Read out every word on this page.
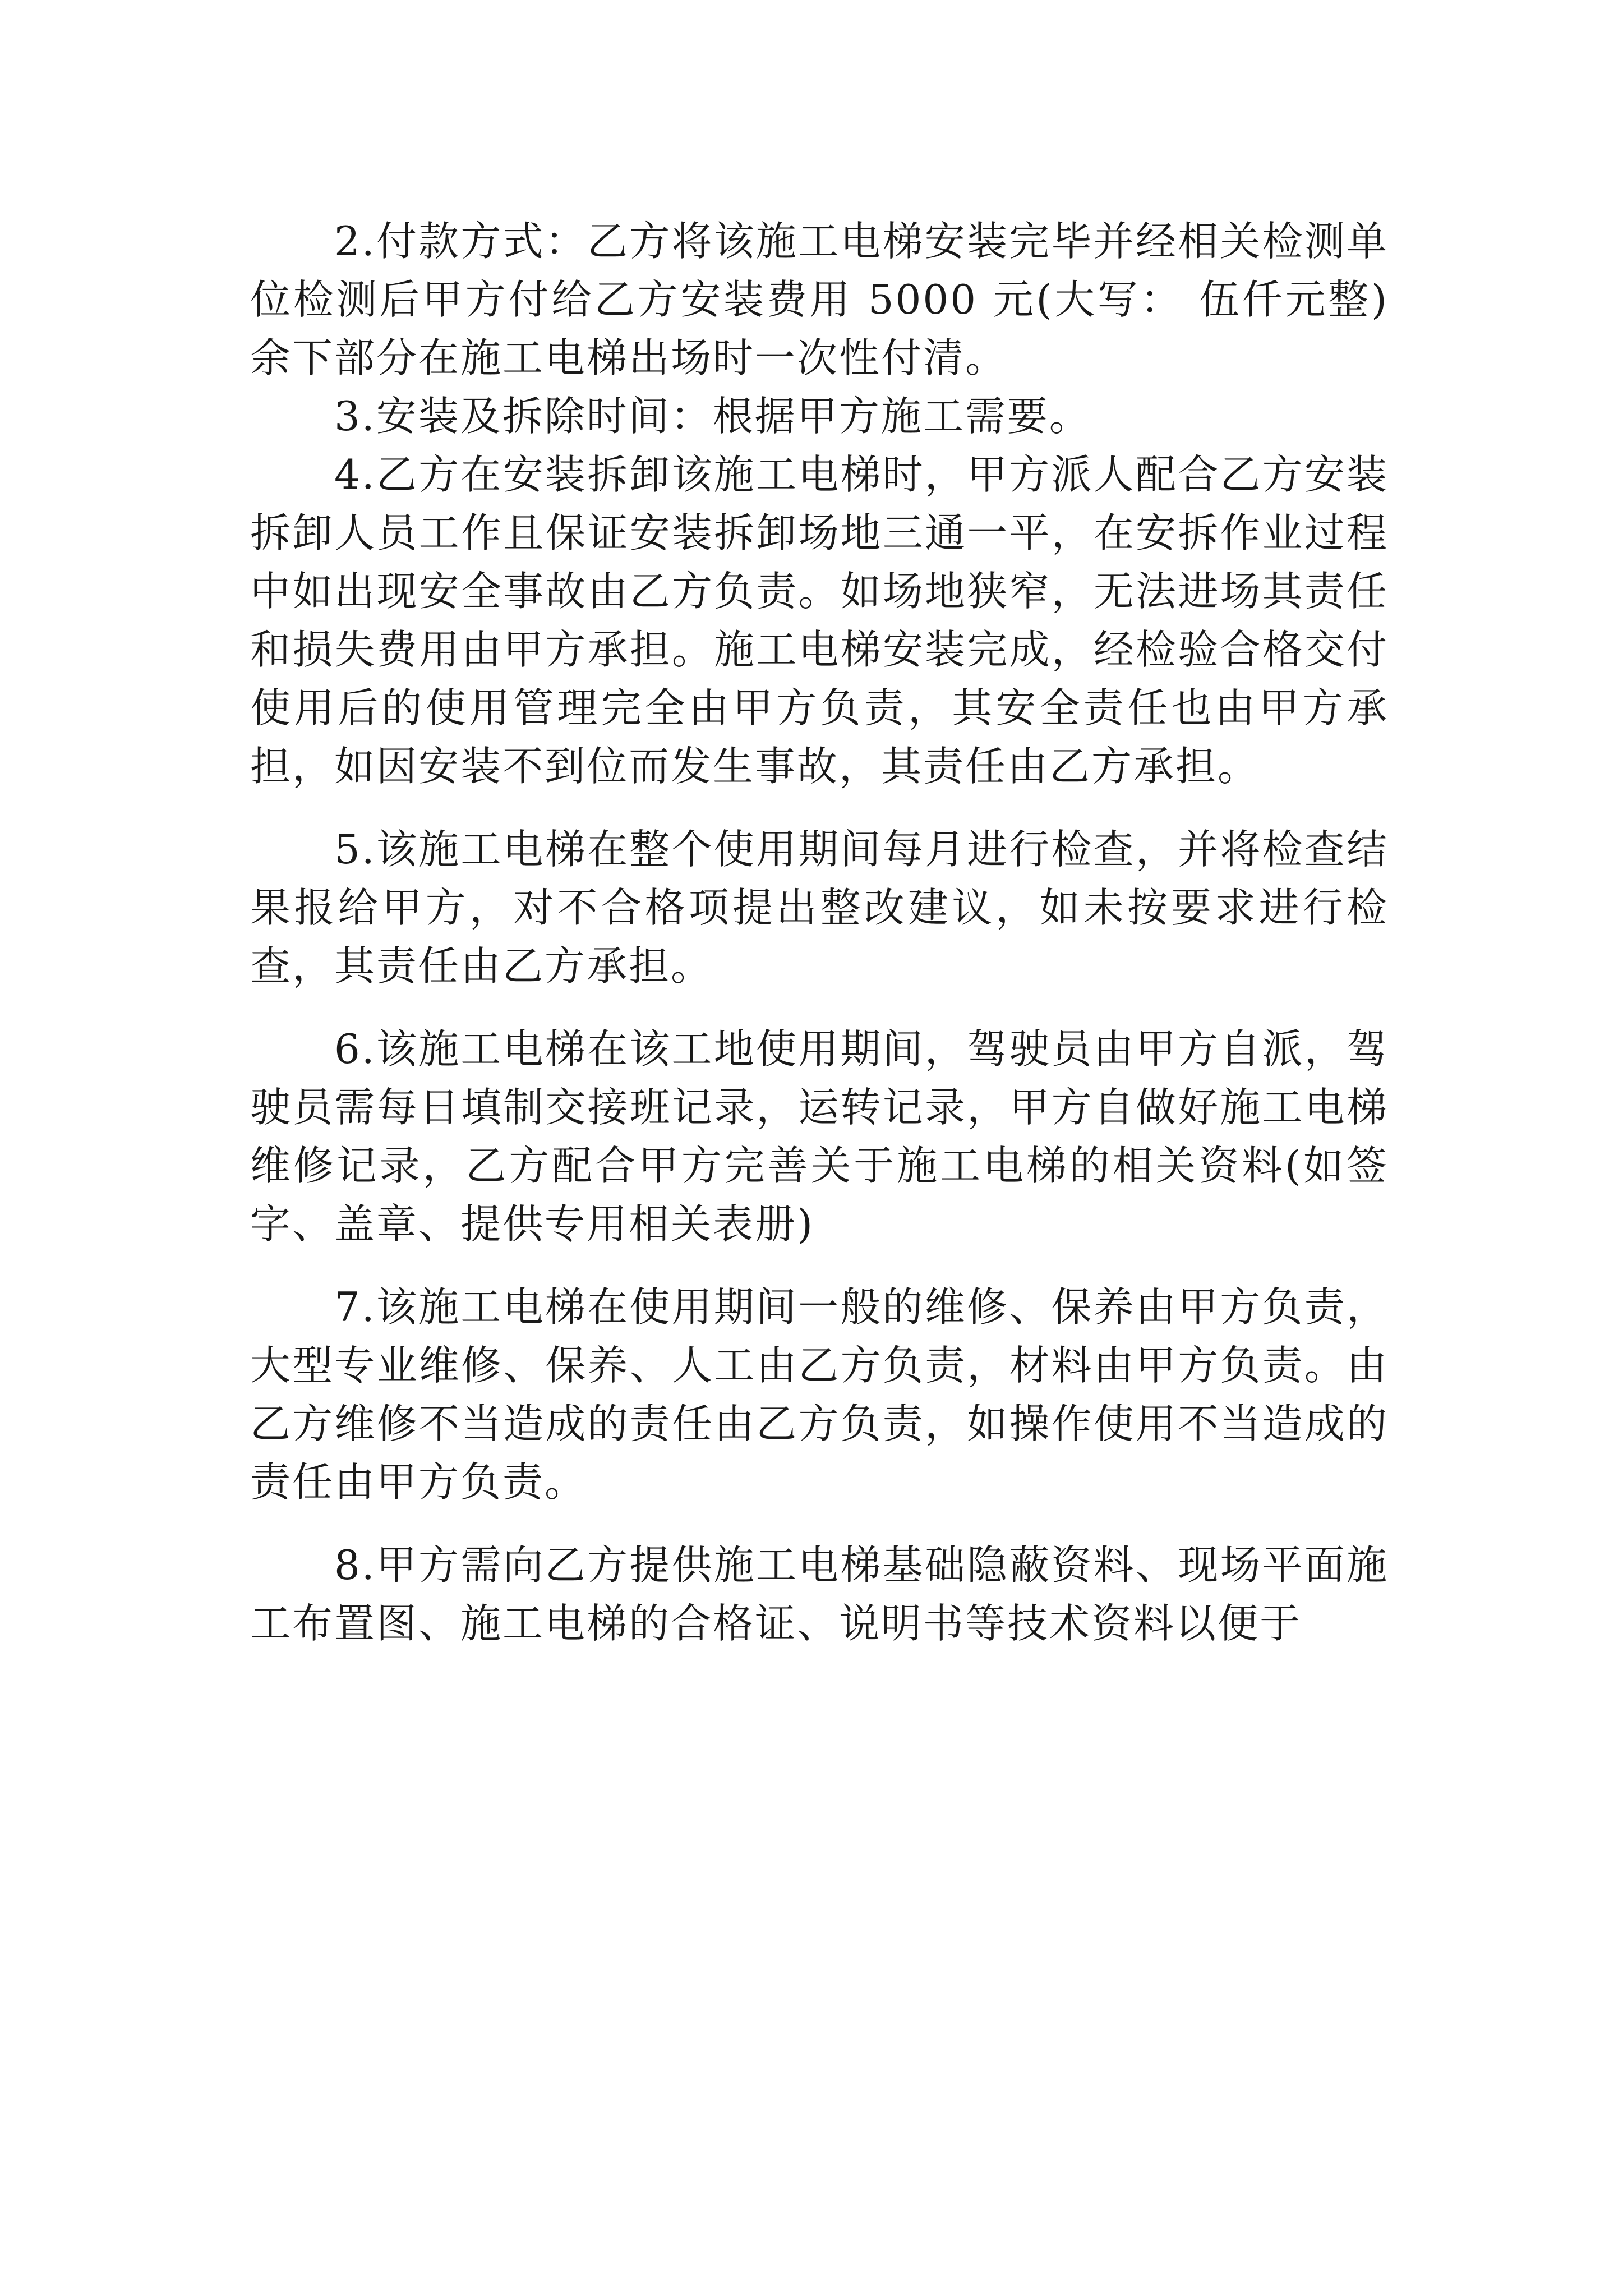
2.付款方式：乙方将该施工电梯安装完毕并经相关检测单位检测后甲方付给乙方安装费用 5000 元(大写： 伍仟元整)余下部分在施工电梯出场时一次性付清。

3.安装及拆除时间：根据甲方施工需要。

4.乙方在安装拆卸该施工电梯时，甲方派人配合乙方安装拆卸人员工作且保证安装拆卸场地三通一平，在安拆作业过程中如出现安全事故由乙方负责。如场地狭窄，无法进场其责任和损失费用由甲方承担。施工电梯安装完成，经检验合格交付使用后的使用管理完全由甲方负责，其安全责任也由甲方承担，如因安装不到位而发生事故，其责任由乙方承担。

5.该施工电梯在整个使用期间每月进行检查，并将检查结果报给甲方，对不合格项提出整改建议，如未按要求进行检查，其责任由乙方承担。

6.该施工电梯在该工地使用期间，驾驶员由甲方自派，驾驶员需每日填制交接班记录，运转记录，甲方自做好施工电梯维修记录，乙方配合甲方完善关于施工电梯的相关资料(如签字、盖章、提供专用相关表册)

7.该施工电梯在使用期间一般的维修、保养由甲方负责，大型专业维修、保养、人工由乙方负责，材料由甲方负责。由乙方维修不当造成的责任由乙方负责，如操作使用不当造成的责任由甲方负责。

8.甲方需向乙方提供施工电梯基础隐蔽资料、现场平面施工布置图、施工电梯的合格证、说明书等技术资料以便于
